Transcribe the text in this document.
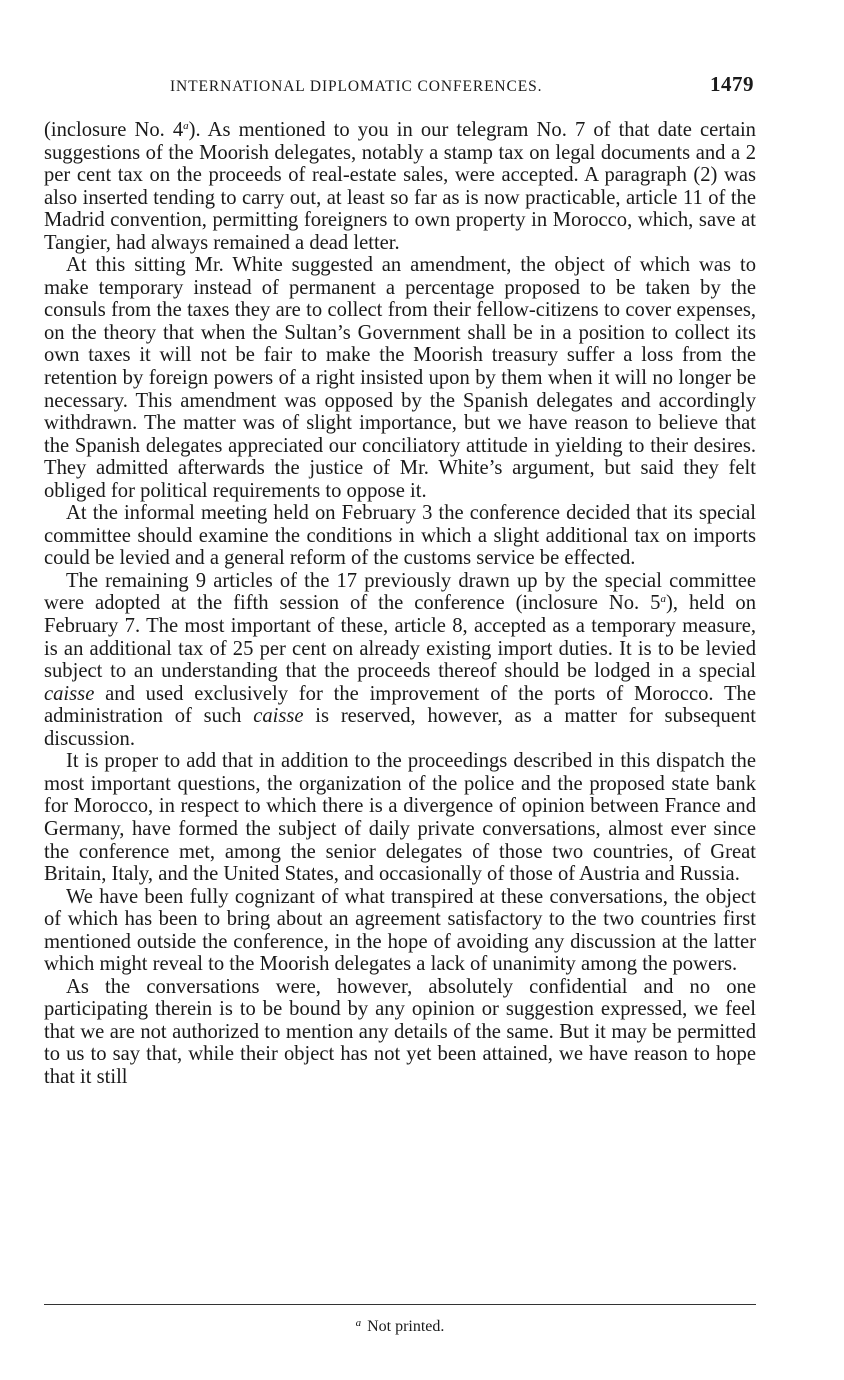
INTERNATIONAL DIPLOMATIC CONFERENCES.	1479

(inclosure No. 4$^a$). As mentioned to you in our telegram No. 7 of that date certain suggestions of the Moorish delegates, notably a stamp tax on legal documents and a 2 per cent tax on the proceeds of real-estate sales, were accepted. A paragraph (2) was also inserted tending to carry out, at least so far as is now practicable, article 11 of the Madrid convention, permitting foreigners to own property in Morocco, which, save at Tangier, had always remained a dead letter.

At this sitting Mr. White suggested an amendment, the object of which was to make temporary instead of permanent a percentage proposed to be taken by the consuls from the taxes they are to collect from their fellow-citizens to cover expenses, on the theory that when the Sultan’s Government shall be in a position to collect its own taxes it will not be fair to make the Moorish treasury suffer a loss from the retention by foreign powers of a right insisted upon by them when it will no longer be necessary. This amendment was opposed by the Spanish delegates and accordingly withdrawn. The matter was of slight importance, but we have reason to believe that the Spanish delegates appreciated our conciliatory attitude in yielding to their desires. They admitted afterwards the justice of Mr. White’s argument, but said they felt obliged for political requirements to oppose it.

At the informal meeting held on February 3 the conference decided that its special committee should examine the conditions in which a slight additional tax on imports could be levied and a general reform of the customs service be effected.

The remaining 9 articles of the 17 previously drawn up by the special committee were adopted at the fifth session of the conference (inclosure No. 5$^a$), held on February 7. The most important of these, article 8, accepted as a temporary measure, is an additional tax of 25 per cent on already existing import duties. It is to be levied subject to an understanding that the proceeds thereof should be lodged in a special caisse and used exclusively for the improvement of the ports of Morocco. The administration of such caisse is reserved, however, as a matter for subsequent discussion.

It is proper to add that in addition to the proceedings described in this dispatch the most important questions, the organization of the police and the proposed state bank for Morocco, in respect to which there is a divergence of opinion between France and Germany, have formed the subject of daily private conversations, almost ever since the conference met, among the senior delegates of those two countries, of Great Britain, Italy, and the United States, and occasionally of those of Austria and Russia.

We have been fully cognizant of what transpired at these conversations, the object of which has been to bring about an agreement satisfactory to the two countries first mentioned outside the conference, in the hope of avoiding any discussion at the latter which might reveal to the Moorish delegates a lack of unanimity among the powers.

As the conversations were, however, absolutely confidential and no one participating therein is to be bound by any opinion or suggestion expressed, we feel that we are not authorized to mention any details of the same. But it may be permitted to us to say that, while their object has not yet been attained, we have reason to hope that it still

$^a$ Not printed.
